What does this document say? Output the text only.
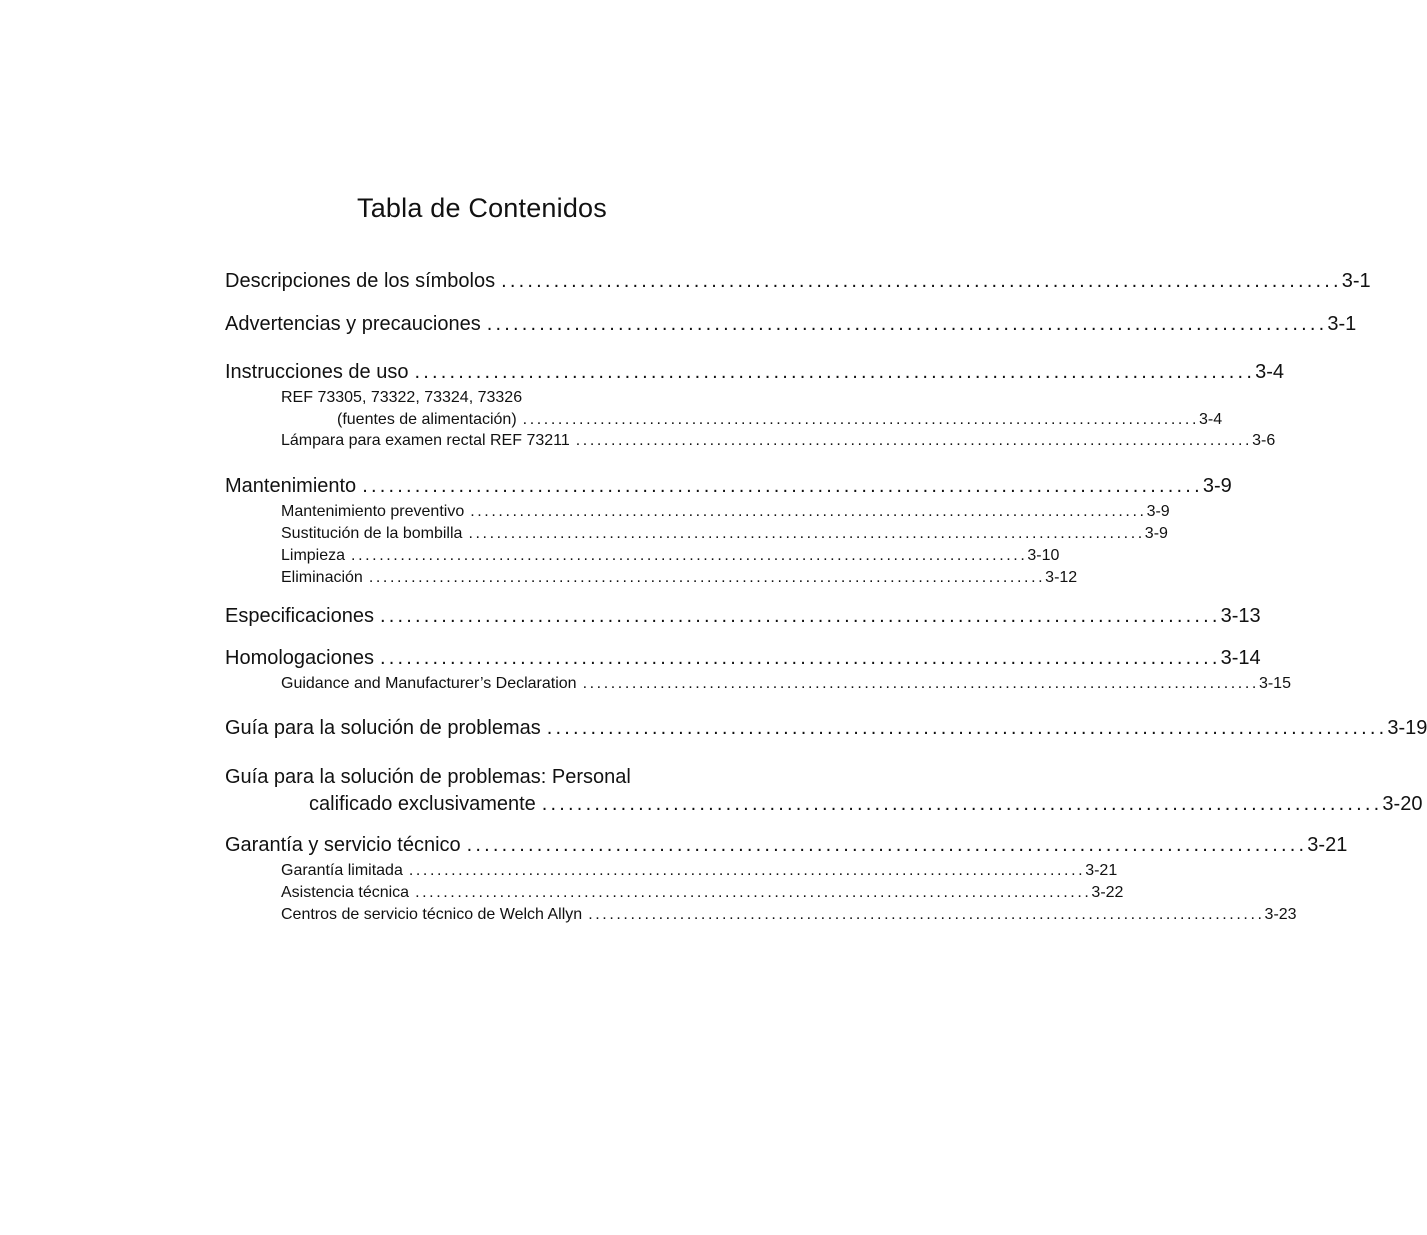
Tabla de Contenidos
Descripciones de los símbolos ................................................................................................ 3-1
Advertencias y precauciones ................................................................................................ 3-1
Instrucciones de uso ................................................................................................ 3-4
REF 73305, 73322, 73324, 73326
(fuentes de alimentación) ................................................................................................ 3-4
Lámpara para examen rectal REF 73211 ................................................................................................ 3-6
Mantenimiento ................................................................................................ 3-9
Mantenimiento preventivo ................................................................................................ 3-9
Sustitución de la bombilla ................................................................................................ 3-9
Limpieza ................................................................................................ 3-10
Eliminación ................................................................................................ 3-12
Especificaciones ................................................................................................ 3-13
Homologaciones ................................................................................................ 3-14
Guidance and Manufacturer’s Declaration ................................................................................................ 3-15
Guía para la solución de problemas ................................................................................................ 3-19
Guía para la solución de problemas: Personal
calificado exclusivamente ................................................................................................ 3-20
Garantía y servicio técnico ................................................................................................ 3-21
Garantía limitada ................................................................................................ 3-21
Asistencia técnica ................................................................................................ 3-22
Centros de servicio técnico de Welch Allyn ................................................................................................ 3-23
